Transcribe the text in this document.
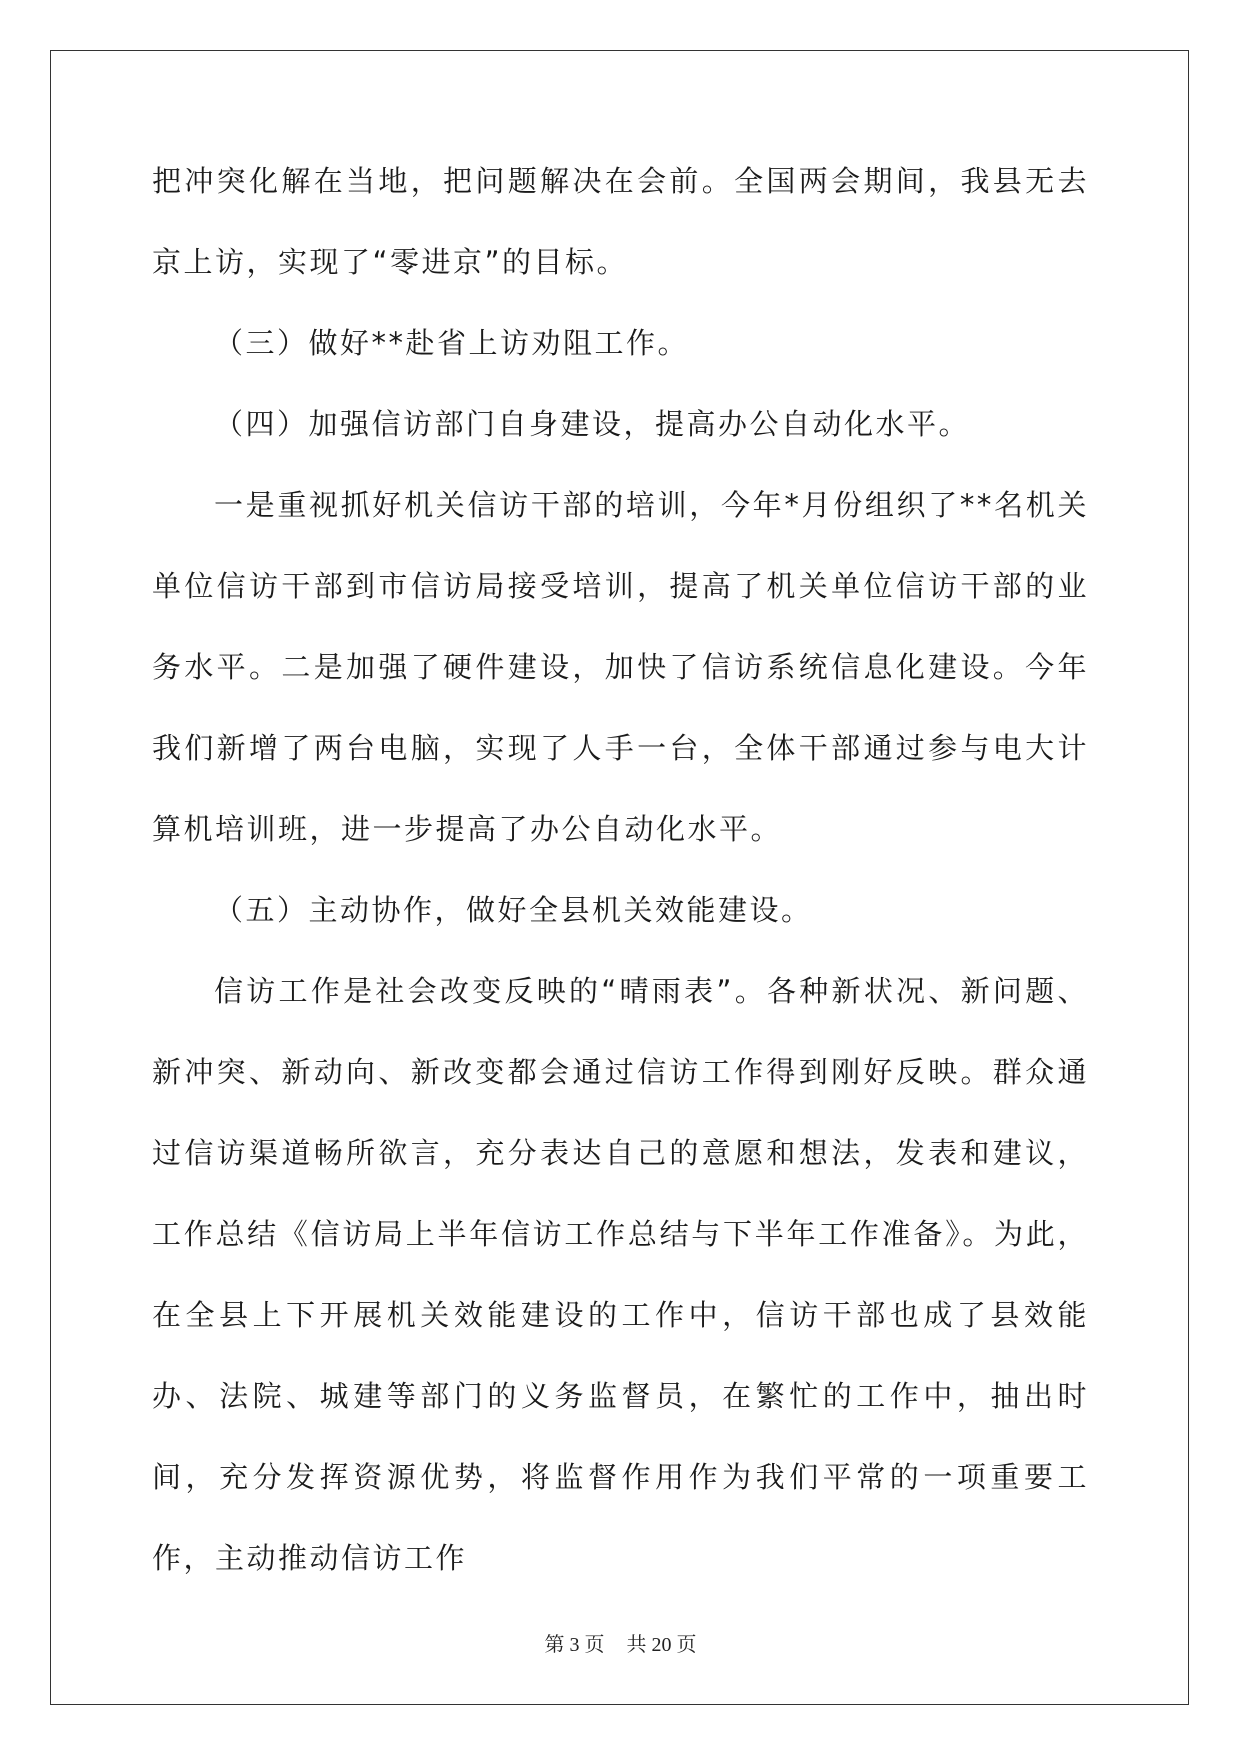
把冲突化解在当地，把问题解决在会前。全国两会期间，我县无去京上访，实现了“零进京”的目标。

（三）做好**赴省上访劝阻工作。

（四）加强信访部门自身建设，提高办公自动化水平。

一是重视抓好机关信访干部的培训，今年*月份组织了**名机关单位信访干部到市信访局接受培训，提高了机关单位信访干部的业务水平。二是加强了硬件建设，加快了信访系统信息化建设。今年我们新增了两台电脑，实现了人手一台，全体干部通过参与电大计算机培训班，进一步提高了办公自动化水平。

（五）主动协作，做好全县机关效能建设。

信访工作是社会改变反映的“晴雨表”。各种新状况、新问题、新冲突、新动向、新改变都会通过信访工作得到刚好反映。群众通过信访渠道畅所欲言，充分表达自己的意愿和想法，发表和建议，工作总结《信访局上半年信访工作总结与下半年工作准备》。为此，在全县上下开展机关效能建设的工作中，信访干部也成了县效能办、法院、城建等部门的义务监督员，在繁忙的工作中，抽出时间，充分发挥资源优势，将监督作用作为我们平常的一项重要工作，主动推动信访工作

第 3 页 共 20 页
